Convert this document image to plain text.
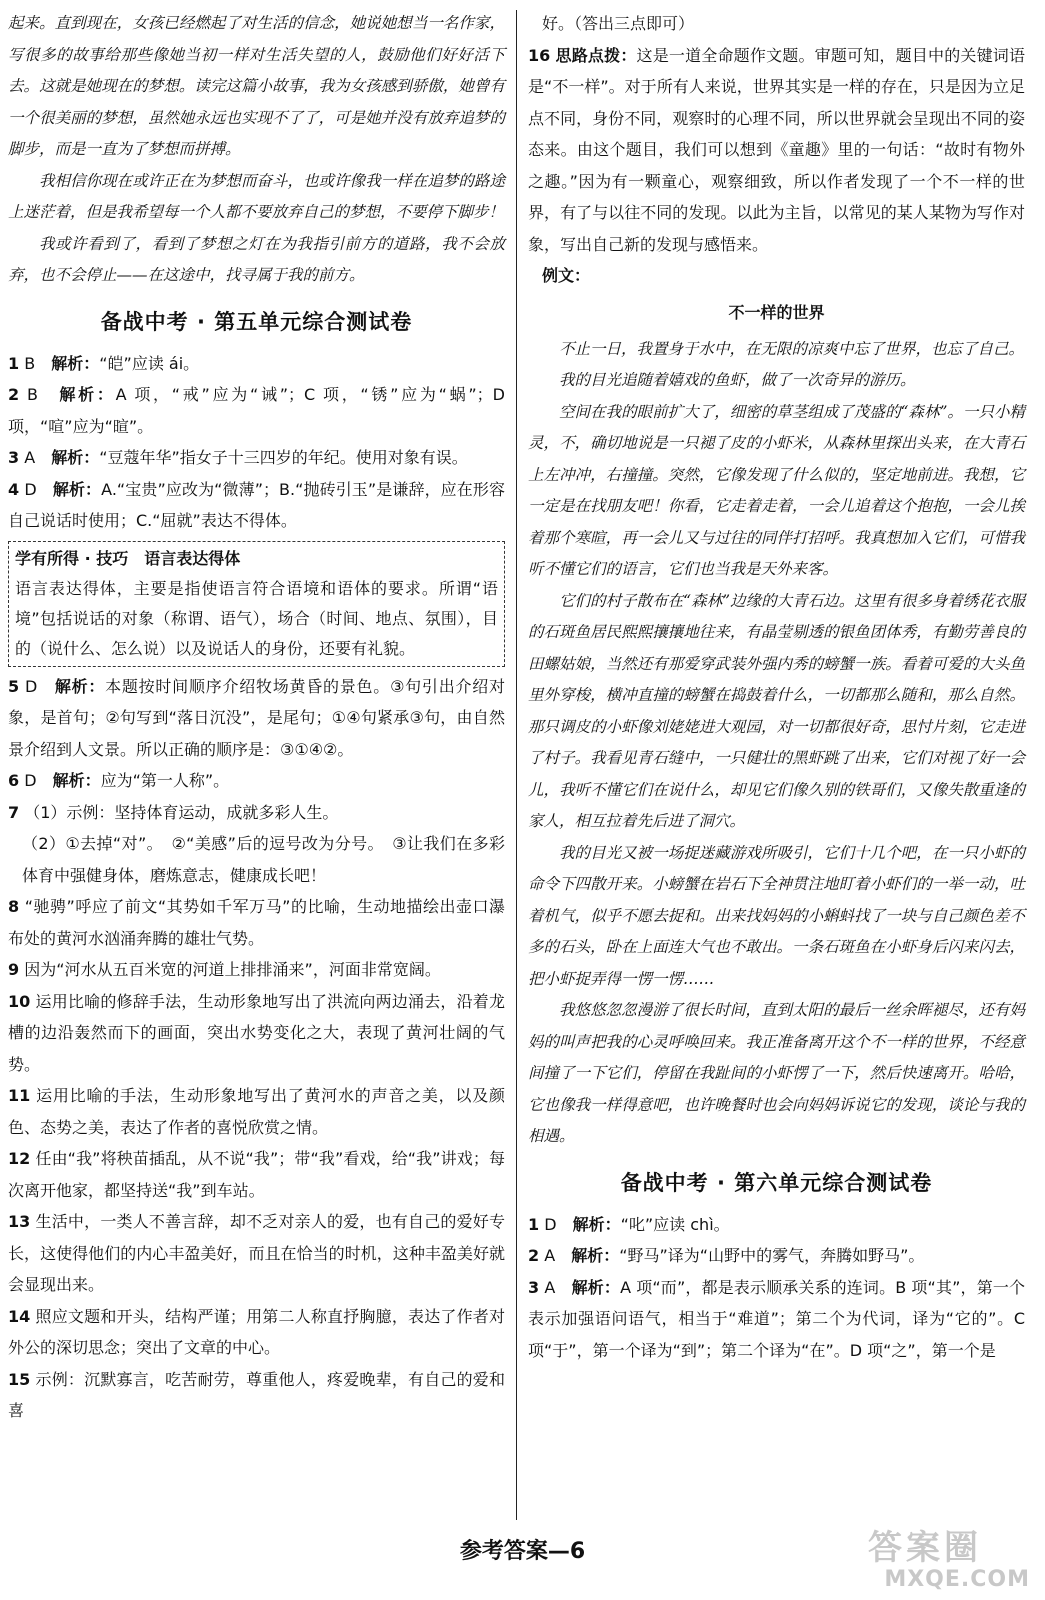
起来。直到现在，女孩已经燃起了对生活的信念，她说她想当一名作家，写很多的故事给那些像她当初一样对生活失望的人，鼓励他们好好活下去。这就是她现在的梦想。读完这篇小故事，我为女孩感到骄傲，她曾有一个很美丽的梦想，虽然她永远也实现不了了，可是她并没有放弃追梦的脚步，而是一直为了梦想而拼搏。

我相信你现在或许正在为梦想而奋斗，也或许像我一样在追梦的路途上迷茫着，但是我希望每一个人都不要放弃自己的梦想，不要停下脚步！

我或许看到了，看到了梦想之灯在为我指引前方的道路，我不会放弃，也不会停止——在这途中，找寻属于我的前方。

备战中考 · 第五单元综合测试卷

1 B　 解析：“皑”应读 ái。

2 B　 解析：A 项，“戒”应为“诫”；C 项，“锈”应为“蜗”；D 项，“喧”应为“暄”。

3 A　 解析：“豆蔻年华”指女子十三四岁的年纪。使用对象有误。

4 D　 解析：A.“宝贵”应改为“微薄”；B.“抛砖引玉”是谦辞，应在形容自己说话时使用；C.“屈就”表达不得体。

学有所得 · 技巧　语言表达得体

语言表达得体，主要是指使语言符合语境和语体的要求。所谓“语境”包括说话的对象（称谓、语气），场合（时间、地点、氛围），目的（说什么、怎么说）以及说话人的身份，还要有礼貌。

5 D　 解析：本题按时间顺序介绍牧场黄昏的景色。③句引出介绍对象，是首句；②句写到“落日沉没”，是尾句；①④句紧承③句，由自然景介绍到人文景。所以正确的顺序是：③①④②。

6 D　 解析：应为“第一人称”。

7 （1）示例：坚持体育运动，成就多彩人生。

（2）①去掉“对”。　②“美感”后的逗号改为分号。　③让我们在多彩体育中强健身体，磨炼意志，健康成长吧！

8 “驰骋”呼应了前文“其势如千军万马”的比喻，生动地描绘出壶口瀑布处的黄河水汹涌奔腾的雄壮气势。

9 因为“河水从五百米宽的河道上排排涌来”，河面非常宽阔。

10 运用比喻的修辞手法，生动形象地写出了洪流向两边涌去，沿着龙槽的边沿轰然而下的画面，突出水势变化之大，表现了黄河壮阔的气势。

11 运用比喻的手法，生动形象地写出了黄河水的声音之美，以及颜色、态势之美，表达了作者的喜悦欣赏之情。

12 任由“我”将秧苗插乱，从不说“我”；带“我”看戏，给“我”讲戏；每次离开他家，都坚持送“我”到车站。

13 生活中，一类人不善言辞，却不乏对亲人的爱，也有自己的爱好专长，这使得他们的内心丰盈美好，而且在恰当的时机，这种丰盈美好就会显现出来。

14 照应文题和开头，结构严谨；用第二人称直抒胸臆，表达了作者对外公的深切思念；突出了文章的中心。

15 示例：沉默寡言，吃苦耐劳，尊重他人，疼爱晚辈，有自己的爱和喜

好。（答出三点即可）

16 思路点拨：这是一道全命题作文题。审题可知，题目中的关键词语是“不一样”。对于所有人来说，世界其实是一样的存在，只是因为立足点不同，身份不同，观察时的心理不同，所以世界就会呈现出不同的姿态来。由这个题目，我们可以想到《童趣》里的一句话：“故时有物外之趣。”因为有一颗童心，观察细致，所以作者发现了一个不一样的世界，有了与以往不同的发现。以此为主旨，以常见的某人某物为写作对象，写出自己新的发现与感悟来。

例文：

不一样的世界

不止一日，我置身于水中，在无限的凉爽中忘了世界，也忘了自己。

我的目光追随着嬉戏的鱼虾，做了一次奇异的游历。

空间在我的眼前扩大了，细密的草茎组成了茂盛的“森林”。一只小精灵，不，确切地说是一只褪了皮的小虾米，从森林里探出头来，在大青石上左冲冲，右撞撞。突然，它像发现了什么似的，坚定地前进。我想，它一定是在找朋友吧！你看，它走着走着，一会儿追着这个抱抱，一会儿挨着那个寒暄，再一会儿又与过往的同伴打招呼。我真想加入它们，可惜我听不懂它们的语言，它们也当我是天外来客。

它们的村子散布在“森林”边缘的大青石边。这里有很多身着绣花衣服的石斑鱼居民熙熙攘攘地往来，有晶莹剔透的银鱼团体秀，有勤劳善良的田螺姑娘，当然还有那爱穿武装外强内秀的螃蟹一族。看着可爱的大头鱼里外穿梭，横冲直撞的螃蟹在捣鼓着什么，一切都那么随和，那么自然。那只调皮的小虾像刘姥姥进大观园，对一切都很好奇，思忖片刻，它走进了村子。我看见青石缝中，一只健壮的黑虾跳了出来，它们对视了好一会儿，我听不懂它们在说什么，却见它们像久别的铁哥们，又像失散重逢的家人，相互拉着先后进了洞穴。

我的目光又被一场捉迷藏游戏所吸引，它们十几个吧，在一只小虾的命令下四散开来。小螃蟹在岩石下全神贯注地盯着小虾们的一举一动，吐着机气，似乎不愿去捉和。出来找妈妈的小蝌蚪找了一块与自己颜色差不多的石头，卧在上面连大气也不敢出。一条石斑鱼在小虾身后闪来闪去，把小虾捉弄得一愣一愣……

我悠悠忽忽漫游了很长时间，直到太阳的最后一丝余晖褪尽，还有妈妈的叫声把我的心灵呼唤回来。我正准备离开这个不一样的世界，不经意间撞了一下它们，停留在我趾间的小虾愣了一下，然后快速离开。哈哈，它也像我一样得意吧，也许晚餐时也会向妈妈诉说它的发现，谈论与我的相遇。

备战中考 · 第六单元综合测试卷

1 D　 解析：“叱”应读 chì。

2 A　 解析：“野马”译为“山野中的雾气，奔腾如野马”。

3 A　 解析：A 项“而”，都是表示顺承关系的连词。B 项“其”，第一个表示加强语问语气，相当于“难道”；第二个为代词，译为“它的”。C 项“于”，第一个译为“到”；第二个译为“在”。D 项“之”，第一个是

参考答案—6	答案圈
MXQE.COM
